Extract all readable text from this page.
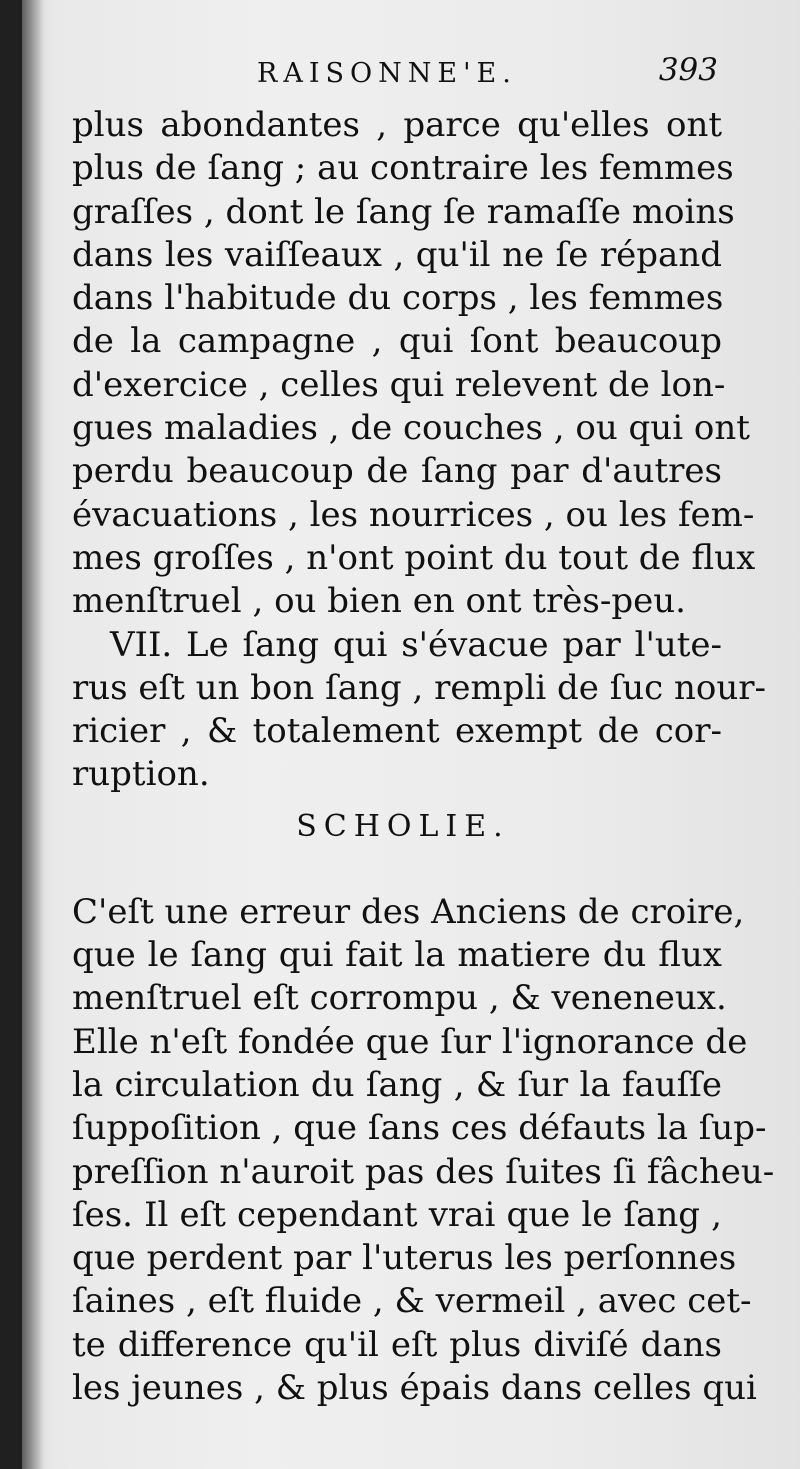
RAISONNE'E.	393
plus abondantes , parce qu'elles ont
plus de ſang ; au contraire les femmes
graſſes , dont le ſang ſe ramaſſe moins
dans les vaiſſeaux , qu'il ne ſe répand
dans l'habitude du corps , les femmes
de la campagne , qui ſont beaucoup
d'exercice , celles qui relevent de lon-
gues maladies , de couches , ou qui ont
perdu beaucoup de ſang par d'autres
évacuations , les nourrices , ou les fem-
mes groſſes , n'ont point du tout de flux
menſtruel , ou bien en ont très-peu.
VII. Le ſang qui s'évacue par l'ute-
rus eſt un bon ſang , rempli de ſuc nour-
ricier , & totalement exempt de cor-
ruption.
SCHOLIE.
C'eſt une erreur des Anciens de croire,
que le ſang qui fait la matiere du flux
menſtruel eſt corrompu , & veneneux.
Elle n'eſt fondée que ſur l'ignorance de
la circulation du ſang , & ſur la fauſſe
ſuppoſition , que ſans ces défauts la ſup-
preſſion n'auroit pas des ſuites ſi fâcheu-
ſes. Il eſt cependant vrai que le ſang ,
que perdent par l'uterus les perſonnes
ſaines , eſt fluide , & vermeil , avec cet-
te difference qu'il eſt plus diviſé dans
les jeunes , & plus épais dans celles qui
